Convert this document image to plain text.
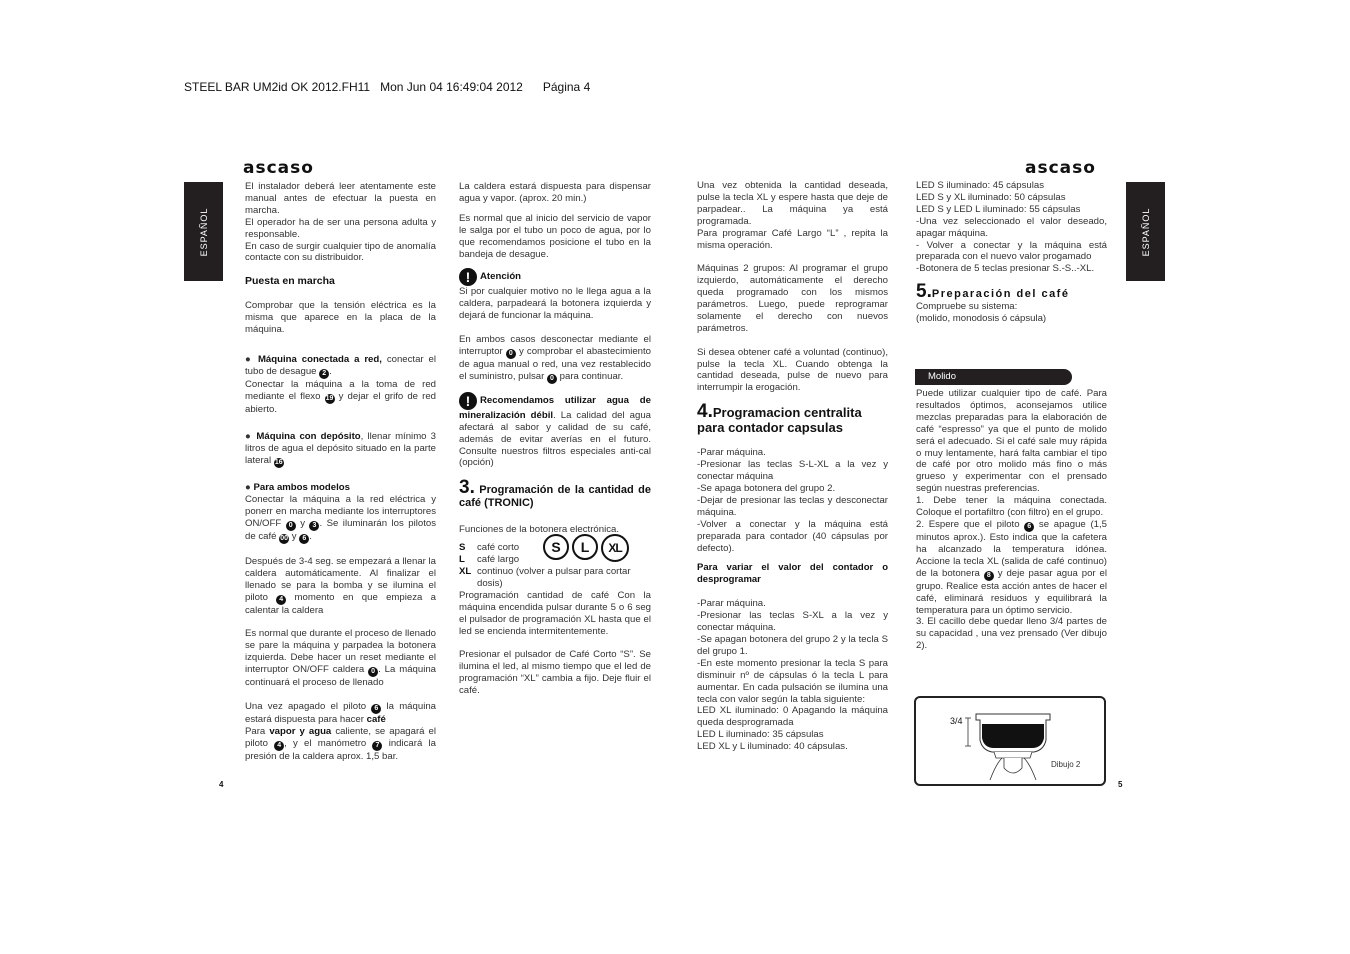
STEEL BAR UM2id OK 2012.FH11   Mon Jun 04 16:49:04 2012      Página 4
ascaso	ascaso
ESPAÑOL	ESPAÑOL

El instalador deberá leer atentamente este manual antes de efectuar la puesta en marcha.

El operador ha de ser una persona adulta y responsable.

En caso de surgir cualquier tipo de anomalía contacte con su distribuidor.

Puesta en marcha

Comprobar que la tensión eléctrica es la misma que aparece en la placa de la máquina.

● Máquina conectada a red, conectar el tubo de desague 2 .
Conectar la máquina a la toma de red mediante el flexo 19 y dejar el grifo de red abierto.

● Máquina con depósito, llenar mínimo 3 litros de agua el depósito situado en la parte lateral 16

● Para ambos modelos
Conectar la máquina a la red eléctrica y ponerr en marcha mediante los interruptores ON/OFF 0 y 3 . Se iluminarán los pilotos de café 00 y 6 .

Después de 3-4 seg. se empezará a llenar la caldera automáticamente. Al finalizar el llenado se para la bomba y se ilumina el piloto 4 momento en que empieza a calentar la caldera

Es normal que durante el proceso de llenado se pare la máquina y parpadea la botonera izquierda. Debe hacer un reset mediante el interruptor ON/OFF caldera 0 . La máquina continuará el proceso de llenado

Una vez apagado el piloto 6 la máquina estará dispuesta para hacer café
Para vapor y agua caliente, se apagará el piloto 4 , y el manómetro 7 indicará la presión de la caldera aprox. 1,5 bar.

La caldera estará dispuesta para dispensar agua y vapor. (aprox. 20 min.)

Es normal que al inicio del servicio de vapor le salga por el tubo un poco de agua, por lo que recomendamos posicione el tubo en la bandeja de desague.

! Atención

Si por cualquier motivo no le llega agua a la caldera, parpadeará la botonera izquierda y dejará de funcionar la máquina.

En ambos casos desconectar mediante el interruptor 0 y comprobar el abastecimiento de agua manual o red, una vez restablecido el suministro, pulsar 0 para continuar.

! Recomendamos utilizar agua de mineralización débil. La calidad del agua afectará al sabor y calidad de su café, además de evitar averías en el futuro. Consulte nuestros filtros especiales anti-cal (opción)

3. Programación de la cantidad de café (TRONIC)

Funciones de la botonera electrónica.

S	café corto
L	café largo
XL continuo (volver a pulsar para cortar dosis)
S	L	XL

Programación cantidad de café Con la máquina encendida pulsar durante 5 o 6 seg el pulsador de programación XL hasta que el led se encienda intermitentemente.

Presionar el pulsador de Café Corto “S”. Se ilumina el led, al mismo tiempo que el led de programación “XL” cambia a fijo. Deje fluir el café.

Una vez obtenida la cantidad deseada, pulse la tecla XL y espere hasta que deje de parpadear.. La máquina ya está programada.

Para programar Café Largo “L” , repita la misma operación.

Máquinas 2 grupos: Al programar el grupo izquierdo, automáticamente el derecho queda programado con los mismos parámetros. Luego, puede reprogramar solamente el derecho con nuevos parámetros.

Si desea obtener café a voluntad (continuo), pulse la tecla XL. Cuando obtenga la cantidad deseada, pulse de nuevo para interrumpir la erogación.

4.Programacion centralita
para contador capsulas

-Parar máquina.

-Presionar las teclas S-L-XL a la vez y conectar máquina

-Se apaga botonera del grupo 2.

-Dejar de presionar las teclas y desconectar máquina.

-Volver a conectar y la máquina está preparada para contador (40 cápsulas por defecto).

Para variar el valor del contador o desprogramar

-Parar máquina.

-Presionar las teclas S-XL a la vez y conectar máquina.

-Se apagan botonera del grupo 2 y la tecla S del grupo 1.

-En este momento presionar la tecla S para disminuir nº de cápsulas ó la tecla L para aumentar. En cada pulsación se ilumina una tecla con valor según la tabla siguiente:

LED XL iluminado: 0 Apagando la máquina queda desprogramada

LED L iluminado: 35 cápsulas

LED XL y L iluminado: 40 cápsulas.

LED S iluminado: 45 cápsulas

LED S y XL iluminado: 50 cápsulas

LED S y LED L iluminado: 55 cápsulas

-Una vez seleccionado el valor deseado, apagar máquina.

- Volver a conectar y la máquina está preparada con el nuevo valor progamado

-Botonera de 5 teclas presionar S.-S..-XL.

5.Preparación del café

Compruebe su sistema:

(molido, monodosis ó cápsula)

Molido

Puede utilizar cualquier tipo de café. Para resultados óptimos, aconsejamos utilice mezclas preparadas para la elaboración de café “espresso” ya que el punto de molido será el adecuado. Si el café sale muy rápida o muy lentamente, hará falta cambiar el tipo de café por otro molido más fino o más grueso y experimentar con el prensado según nuestras preferencias.

1. Debe tener la máquina conectada. Coloque el portafiltro (con filtro) en el grupo.

2. Espere que el piloto 6 se apague (1,5 minutos aprox.). Esto indica que la cafetera ha alcanzado la temperatura idónea. Accione la tecla XL (salida de café continuo) de la botonera 8 y deje pasar agua por el grupo. Realice esta acción antes de hacer el café, eliminará residuos y equilibrará la temperatura para un óptimo servicio.

3. El cacillo debe quedar lleno 3/4 partes de su capacidad , una vez prensado (Ver dibujo 2).

3/4
Dibujo 2
4	5
